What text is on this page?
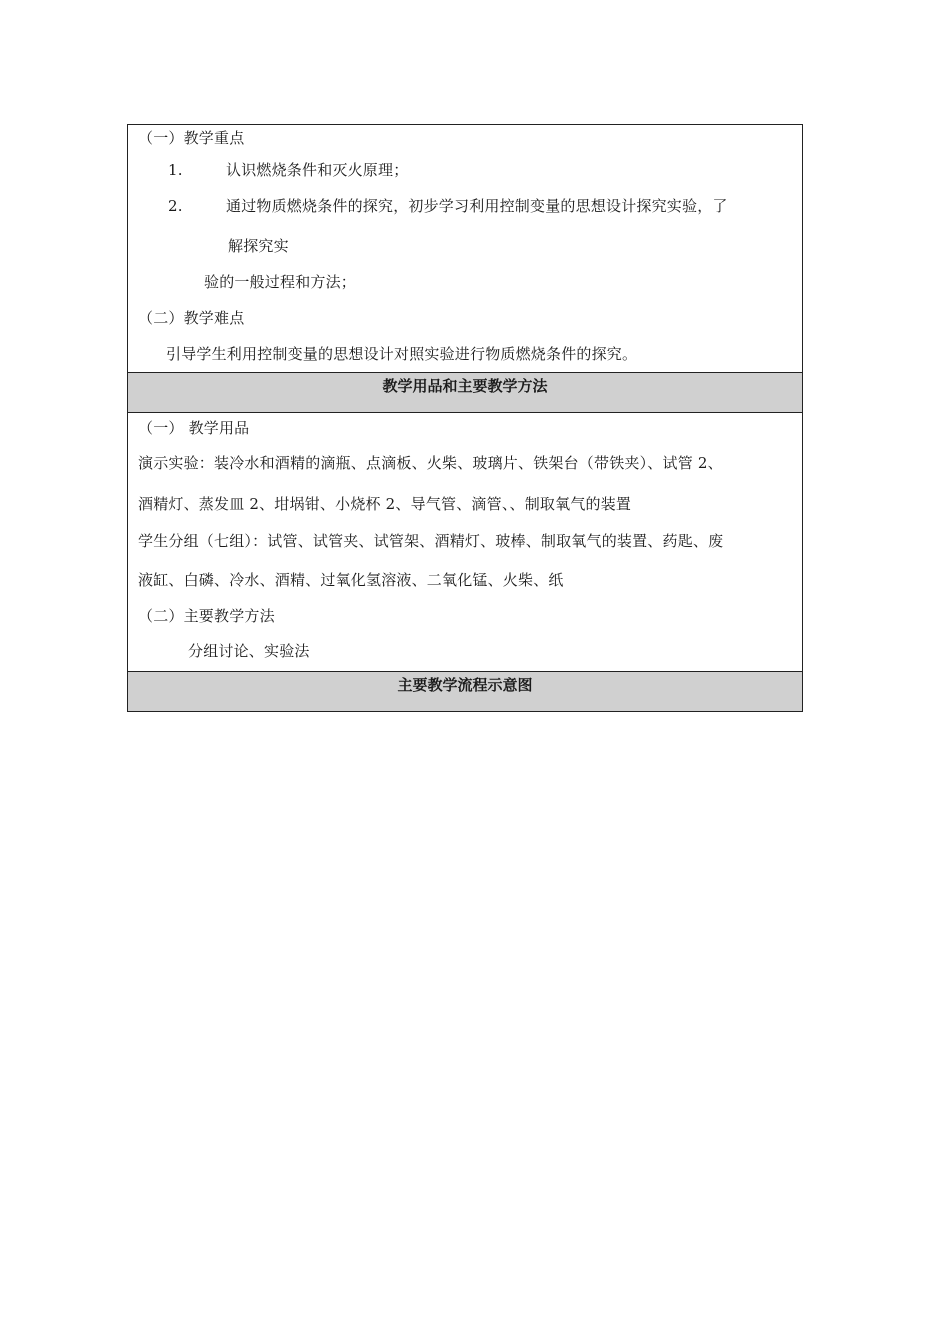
（一）教学重点
1.	认识燃烧条件和灭火原理；
2.	通过物质燃烧条件的探究，初步学习利用控制变量的思想设计探究实验，了
解探究实
验的一般过程和方法；
（二）教学难点
引导学生利用控制变量的思想设计对照实验进行物质燃烧条件的探究。
教学用品和主要教学方法
（一） 教学用品
演示实验：装冷水和酒精的滴瓶、点滴板、火柴、玻璃片、铁架台（带铁夹）、试管 2、
酒精灯、蒸发皿 2、坩埚钳、小烧杯 2、导气管、滴管、、制取氧气的装置
学生分组（七组）：试管、试管夹、试管架、酒精灯、玻棒、制取氧气的装置、药匙、废
液缸、白磷、冷水、酒精、过氧化氢溶液、二氧化锰、火柴、纸
（二）主要教学方法
分组讨论、实验法
主要教学流程示意图
